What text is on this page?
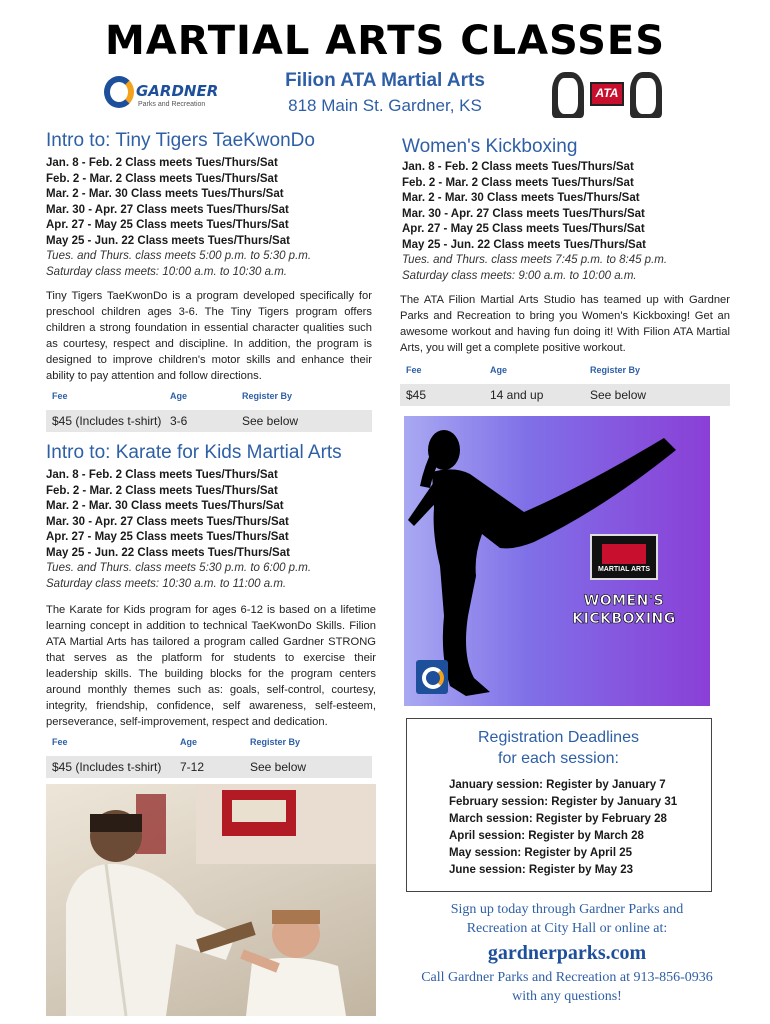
MARTIAL ARTS CLASSES
Filion ATA Martial Arts
818 Main St. Gardner, KS
GARDNER
Parks and Recreation
ATA
Intro to: Tiny Tigers TaeKwonDo
Jan. 8 - Feb. 2 Class meets Tues/Thurs/Sat
Feb. 2 - Mar. 2 Class meets Tues/Thurs/Sat
Mar. 2 - Mar. 30 Class meets Tues/Thurs/Sat
Mar. 30 - Apr. 27 Class meets Tues/Thurs/Sat
Apr. 27 - May 25 Class meets Tues/Thurs/Sat
May 25 - Jun. 22 Class meets Tues/Thurs/Sat
Tues. and Thurs. class meets 5:00 p.m. to 5:30 p.m.
Saturday class meets: 10:00 a.m. to 10:30 a.m.
Tiny Tigers TaeKwonDo is a program developed specifically for preschool children ages 3-6. The Tiny Tigers program offers children a strong foundation in essential character qualities such as courtesy, respect and discipline. In addition, the program is designed to improve children's motor skills and enhance their ability to pay attention and follow directions.
Fee	Age	Register By
$45 (Includes t-shirt) 3-6	See below
Intro to: Karate for Kids Martial Arts
Jan. 8 - Feb. 2 Class meets Tues/Thurs/Sat
Feb. 2 - Mar. 2 Class meets Tues/Thurs/Sat
Mar. 2 - Mar. 30 Class meets Tues/Thurs/Sat
Mar. 30 - Apr. 27 Class meets Tues/Thurs/Sat
Apr. 27 - May 25 Class meets Tues/Thurs/Sat
May 25 - Jun. 22 Class meets Tues/Thurs/Sat
Tues. and Thurs. class meets 5:30 p.m. to 6:00 p.m.
Saturday class meets: 10:30 a.m. to 11:00 a.m.
The Karate for Kids program for ages 6-12 is based on a lifetime learning concept in addition to technical TaeKwonDo Skills. Filion ATA Martial Arts has tailored a program called Gardner STRONG that serves as the platform for students to exercise their leadership skills. The building blocks for the program centers around monthly themes such as: goals, self-control, courtesy, integrity, friendship, confidence, self awareness, self-esteem, perseverance, self-improvement, respect and dedication.
Fee	Age	Register By
$45 (Includes t-shirt) 7-12	See below
Women's Kickboxing
Jan. 8 - Feb. 2 Class meets Tues/Thurs/Sat
Feb. 2 - Mar. 2 Class meets Tues/Thurs/Sat
Mar. 2 - Mar. 30 Class meets Tues/Thurs/Sat
Mar. 30 - Apr. 27 Class meets Tues/Thurs/Sat
Apr. 27 - May 25 Class meets Tues/Thurs/Sat
May 25 - Jun. 22 Class meets Tues/Thurs/Sat
Tues. and Thurs. class meets 7:45 p.m. to 8:45 p.m.
Saturday class meets: 9:00 a.m. to 10:00 a.m.
The ATA Filion Martial Arts Studio has teamed up with Gardner Parks and Recreation to bring you Women's Kickboxing! Get an awesome workout and having fun doing it! With Filion ATA Martial Arts, you will get a complete positive workout.
Fee	Age	Register By
$45	14 and up	See below
MARTIAL ARTS
WOMEN'S
KICKBOXING
Registration Deadlines
for each session:
January session: Register by January 7
February session: Register by January 31
March session: Register by February 28
April session: Register by March 28
May session: Register by April 25
June session: Register by May 23
Sign up today through Gardner Parks and
Recreation at City Hall or online at:
gardnerparks.com
Call Gardner Parks and Recreation at 913-856-0936
with any questions!
